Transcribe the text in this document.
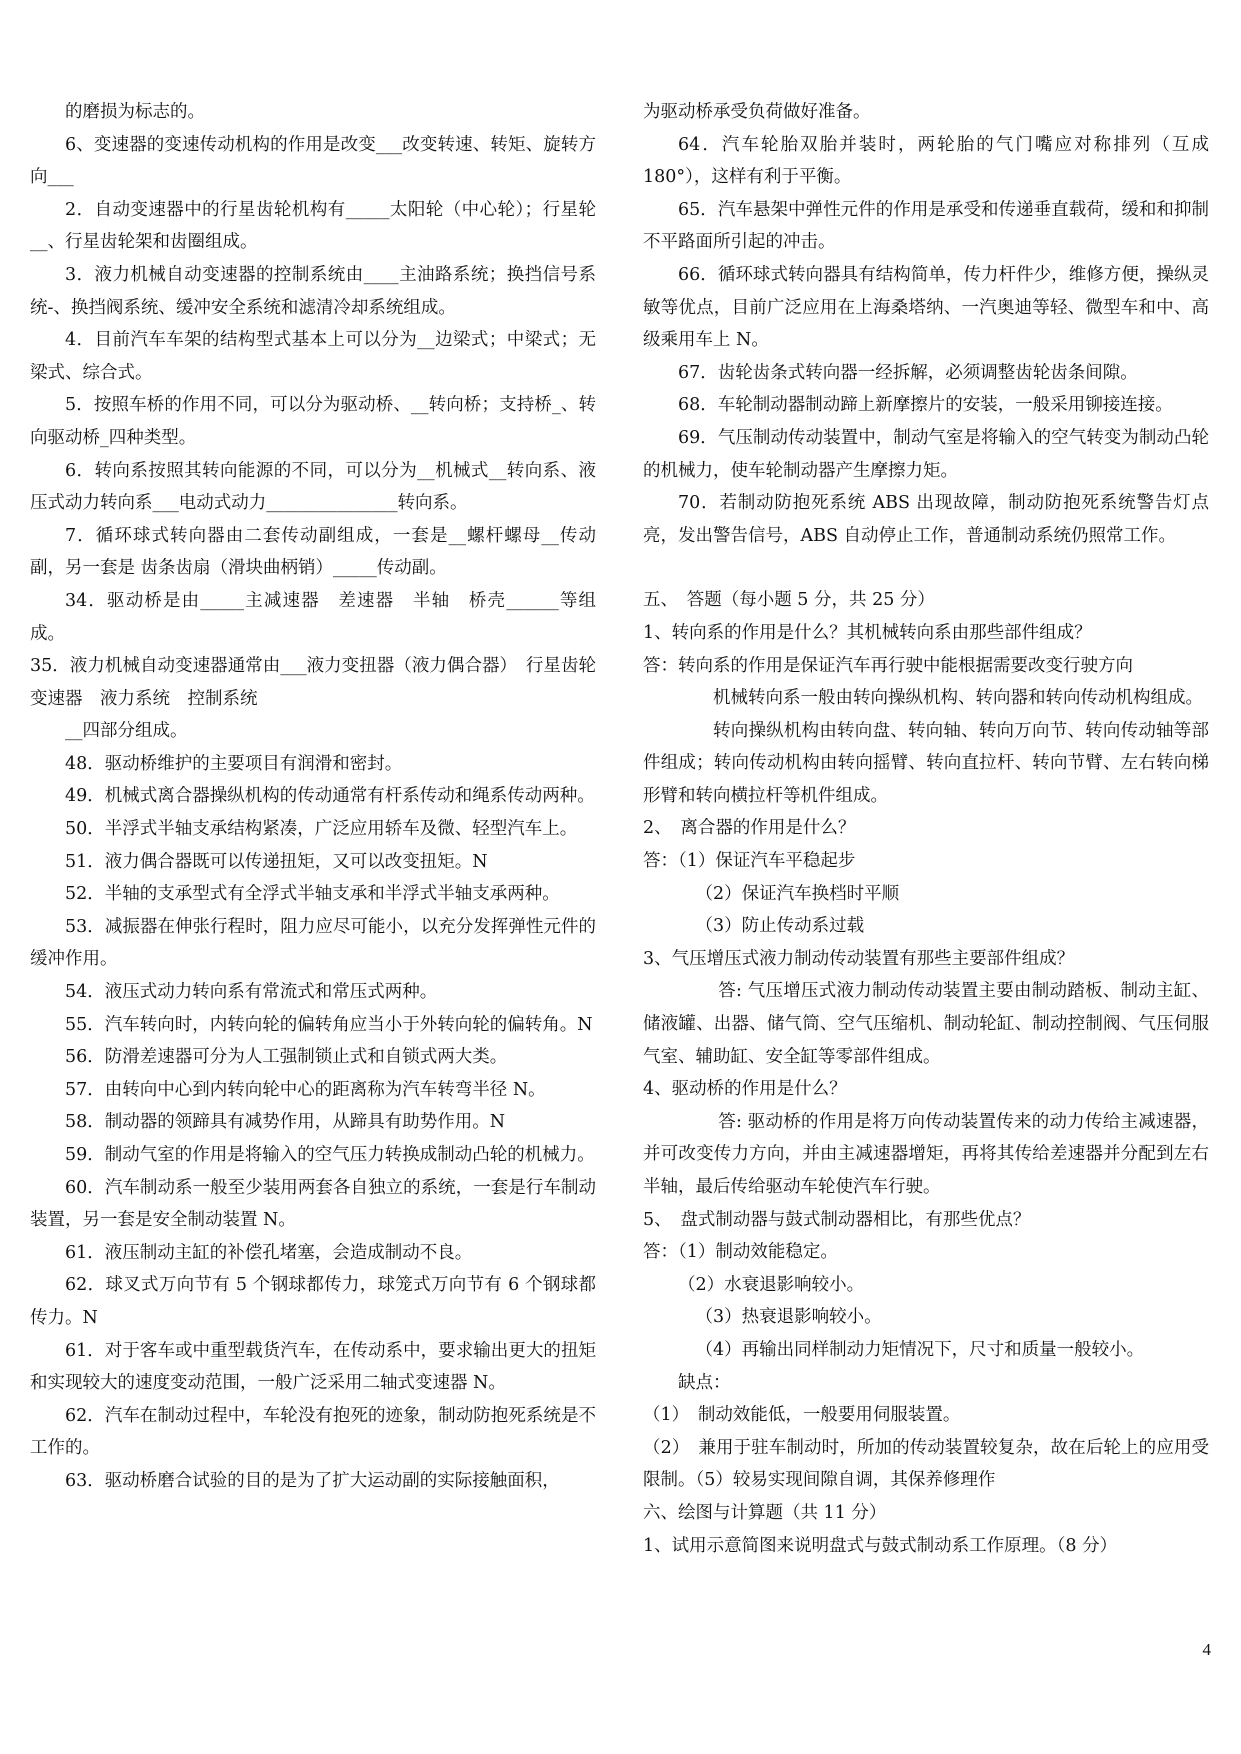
的磨损为标志的。

6、变速器的变速传动机构的作用是改变___改变转速、转矩、旋转方向___

2．自动变速器中的行星齿轮机构有_____太阳轮（中心轮）；行星轮__、行星齿轮架和齿圈组成。

3．液力机械自动变速器的控制系统由____主油路系统；换挡信号系统-、换挡阀系统、缓冲安全系统和滤清冷却系统组成。

4．目前汽车车架的结构型式基本上可以分为__边梁式；中梁式；无梁式、综合式。

5．按照车桥的作用不同，可以分为驱动桥、__转向桥；支持桥_、转向驱动桥_四种类型。

6．转向系按照其转向能源的不同，可以分为__机械式__转向系、液压式动力转向系___电动式动力_______________转向系。

7．循环球式转向器由二套传动副组成，一套是__螺杆螺母__传动副，另一套是 齿条齿扇（滑块曲柄销）_____传动副。

34．驱动桥是由_____主减速器　差速器　半轴　桥壳______等组成。

35．液力机械自动变速器通常由___液力变扭器（液力偶合器）　行星齿轮变速器　液力系统　控制系统

__四部分组成。

48．驱动桥维护的主要项目有润滑和密封。

49．机械式离合器操纵机构的传动通常有杆系传动和绳系传动两种。

50．半浮式半轴支承结构紧凑，广泛应用轿车及微、轻型汽车上。

51．液力偶合器既可以传递扭矩，又可以改变扭矩。N

52．半轴的支承型式有全浮式半轴支承和半浮式半轴支承两种。

53．减振器在伸张行程时，阻力应尽可能小，以充分发挥弹性元件的缓冲作用。

54．液压式动力转向系有常流式和常压式两种。

55．汽车转向时，内转向轮的偏转角应当小于外转向轮的偏转角。N

56．防滑差速器可分为人工强制锁止式和自锁式两大类。

57．由转向中心到内转向轮中心的距离称为汽车转弯半径 N。

58．制动器的领蹄具有减势作用，从蹄具有助势作用。N

59．制动气室的作用是将输入的空气压力转换成制动凸轮的机械力。

60．汽车制动系一般至少装用两套各自独立的系统，一套是行车制动装置，另一套是安全制动装置 N。

61．液压制动主缸的补偿孔堵塞，会造成制动不良。

62．球叉式万向节有 5 个钢球都传力，球笼式万向节有 6 个钢球都传力。N

61．对于客车或中重型载货汽车，在传动系中，要求输出更大的扭矩和实现较大的速度变动范围，一般广泛采用二轴式变速器 N。

62．汽车在制动过程中，车轮没有抱死的迹象，制动防抱死系统是不工作的。

63．驱动桥磨合试验的目的是为了扩大运动副的实际接触面积，

为驱动桥承受负荷做好准备。

64．汽车轮胎双胎并装时，两轮胎的气门嘴应对称排列（互成 180°），这样有利于平衡。

65．汽车悬架中弹性元件的作用是承受和传递垂直载荷，缓和和抑制不平路面所引起的冲击。

66．循环球式转向器具有结构简单，传力杆件少，维修方便，操纵灵敏等优点，目前广泛应用在上海桑塔纳、一汽奥迪等轻、微型车和中、高级乘用车上 N。

67．齿轮齿条式转向器一经拆解，必须调整齿轮齿条间隙。

68．车轮制动器制动蹄上新摩擦片的安装，一般采用铆接连接。

69．气压制动传动装置中，制动气室是将输入的空气转变为制动凸轮的机械力，使车轮制动器产生摩擦力矩。

70．若制动防抱死系统 ABS 出现故障，制动防抱死系统警告灯点亮，发出警告信号，ABS 自动停止工作，普通制动系统仍照常工作。

五、　答题（每小题 5 分，共 25 分）

1、转向系的作用是什么？其机械转向系由那些部件组成？

答：转向系的作用是保证汽车再行驶中能根据需要改变行驶方向

机械转向系一般由转向操纵机构、转向器和转向传动机构组成。

转向操纵机构由转向盘、转向轴、转向万向节、转向传动轴等部件组成；转向传动机构由转向摇臂、转向直拉杆、转向节臂、左右转向梯形臂和转向横拉杆等机件组成。

2、　离合器的作用是什么？

答：（1）保证汽车平稳起步

（2）保证汽车换档时平顺

（3）防止传动系过载

3、气压增压式液力制动传动装置有那些主要部件组成？

答: 气压增压式液力制动传动装置主要由制动踏板、制动主缸、储液罐、出器、储气筒、空气压缩机、制动轮缸、制动控制阀、气压伺服气室、辅助缸、安全缸等零部件组成。

4、驱动桥的作用是什么？

答: 驱动桥的作用是将万向传动装置传来的动力传给主减速器，并可改变传力方向，并由主减速器增矩，再将其传给差速器并分配到左右半轴，最后传给驱动车轮使汽车行驶。

5、　盘式制动器与鼓式制动器相比，有那些优点？

答：（1）制动效能稳定。

（2）水衰退影响较小。

（3）热衰退影响较小。

（4）再输出同样制动力矩情况下，尺寸和质量一般较小。

缺点：

（1）　制动效能低，一般要用伺服装置。

（2）　兼用于驻车制动时，所加的传动装置较复杂，故在后轮上的应用受限制。（5）较易实现间隙自调，其保养修理作

六、绘图与计算题（共 11 分）

1、试用示意简图来说明盘式与鼓式制动系工作原理。（8 分）

4
